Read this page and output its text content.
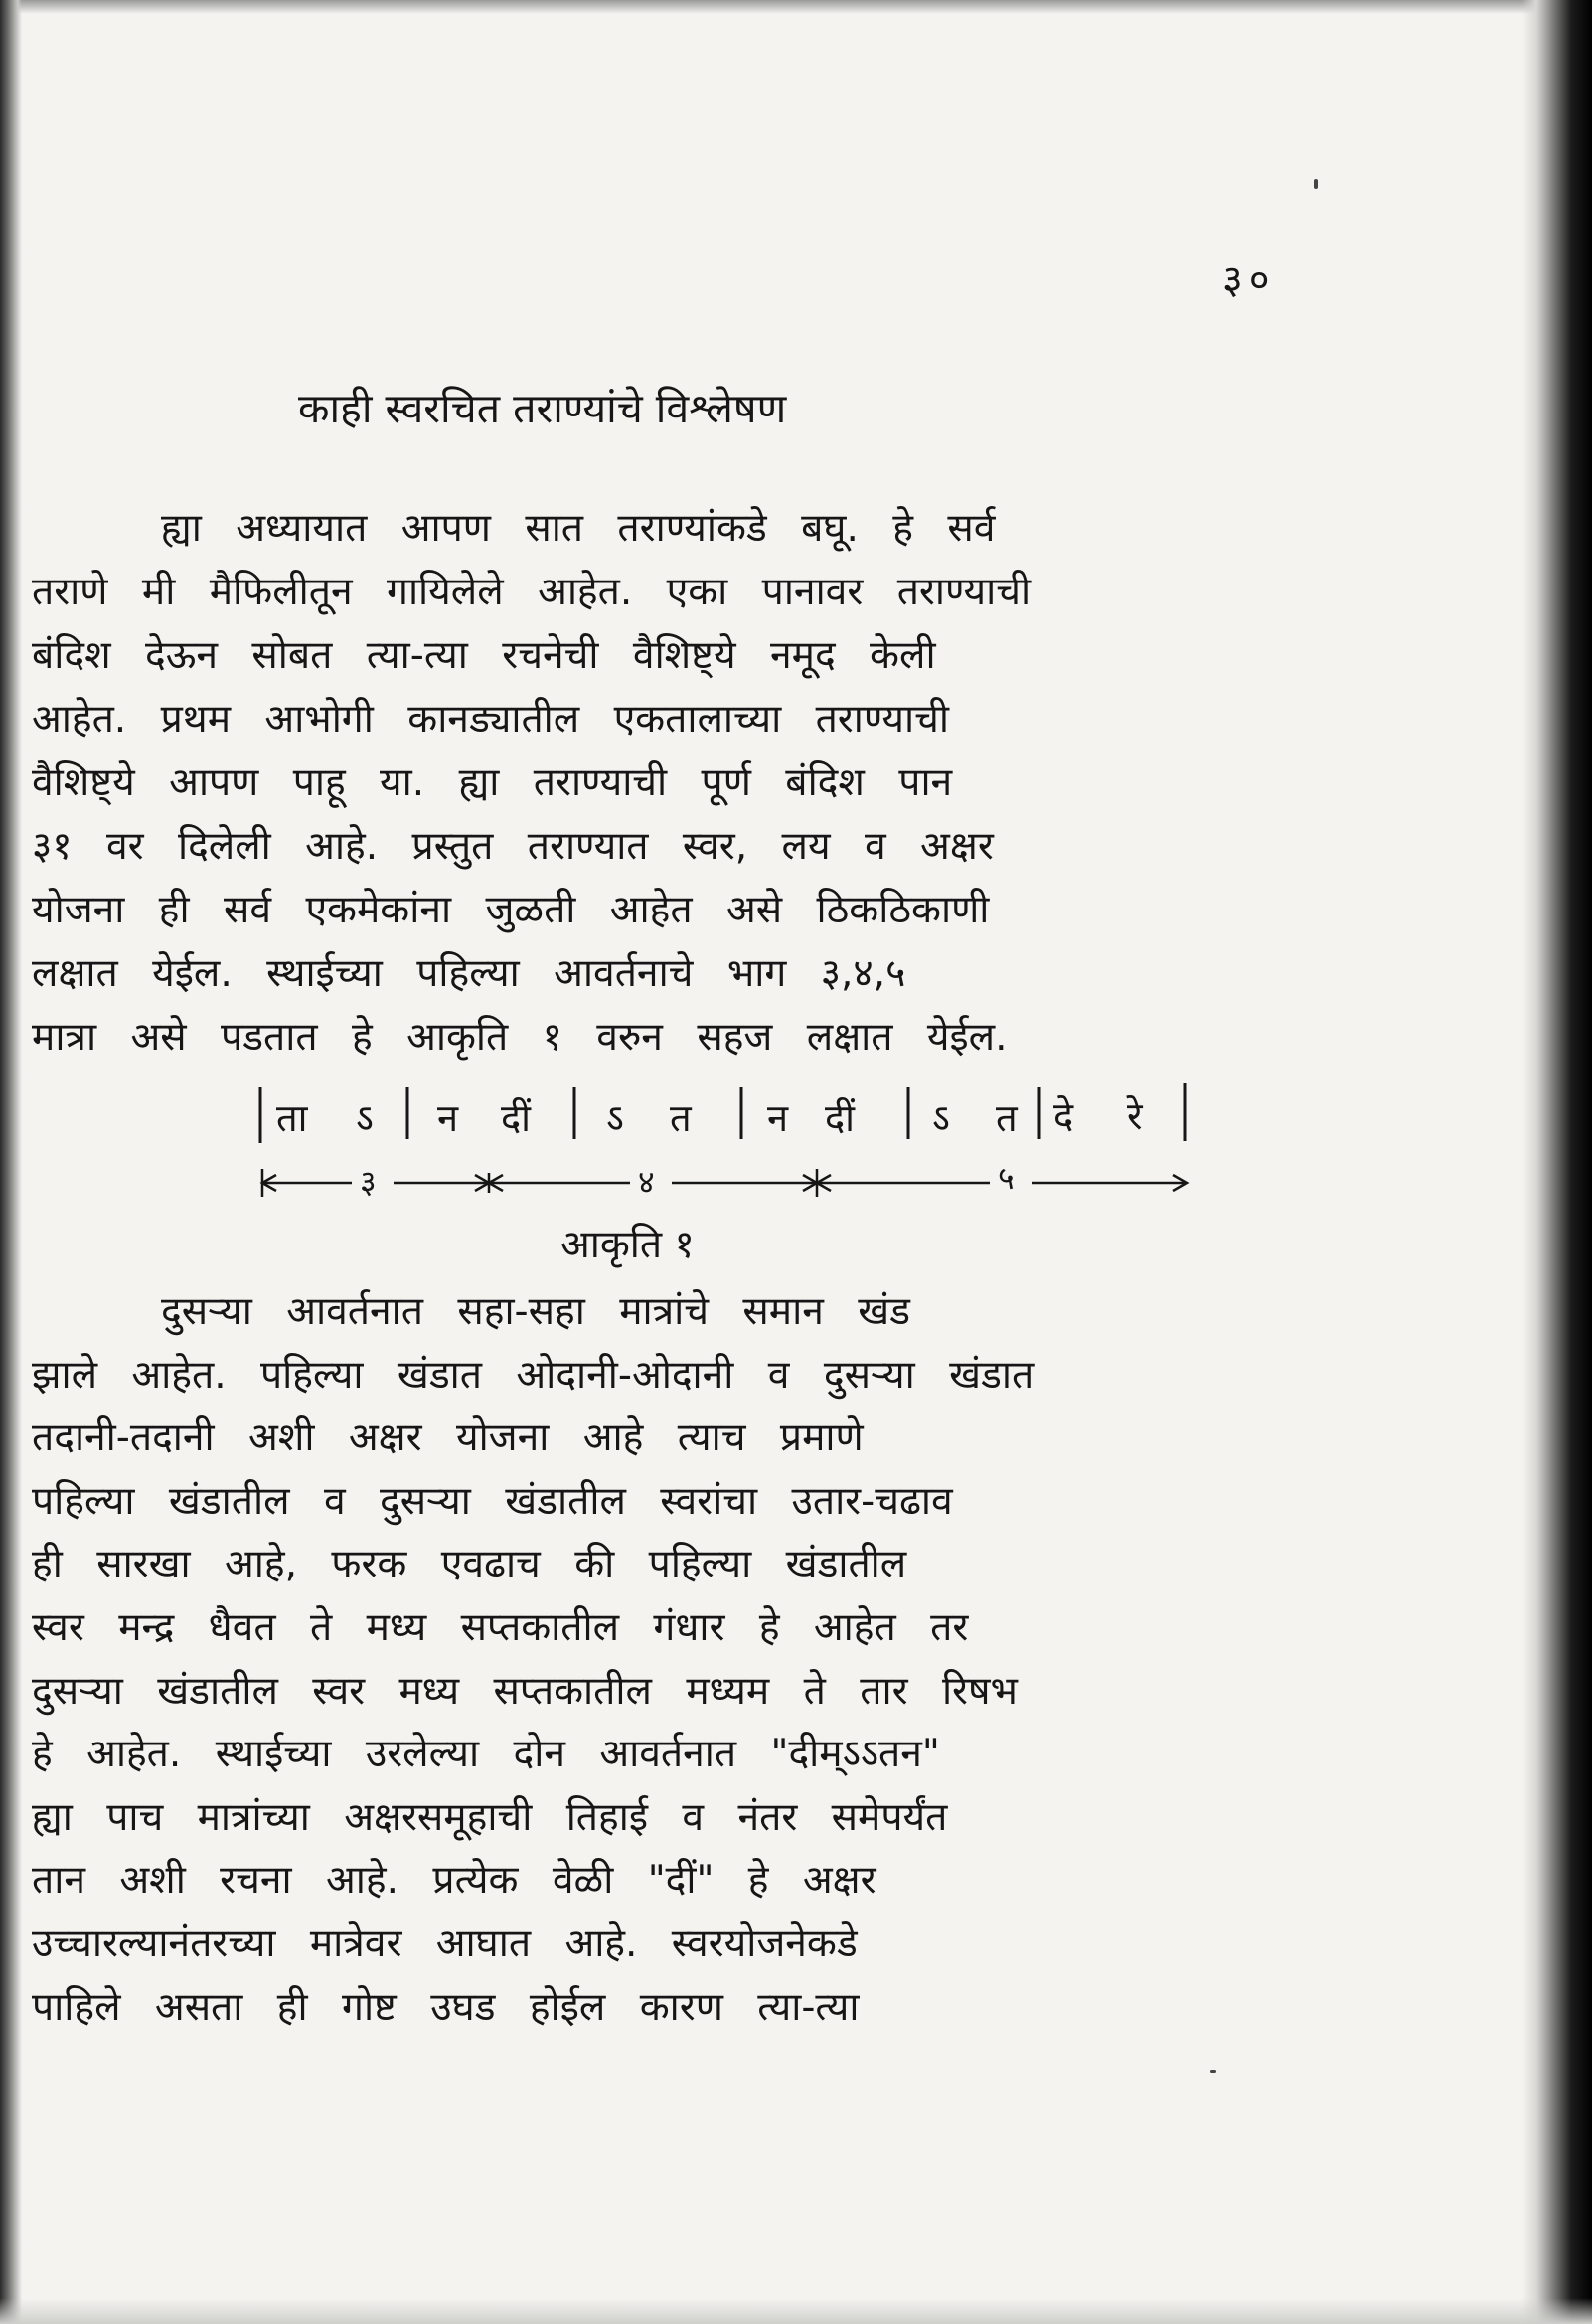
३०
काही स्वरचित तराण्यांचे विश्लेषण
ह्या अध्यायात आपण सात तराण्यांकडे बघू. हे सर्व
तराणे मी मैफिलीतून गायिलेले आहेत. एका पानावर तराण्याची
बंदिश देऊन सोबत त्या-त्या रचनेची वैशिष्ट्ये नमूद केली
आहेत. प्रथम आभोगी कानड्यातील एकतालाच्या तराण्याची
वैशिष्ट्ये आपण पाहू या. ह्या तराण्याची पूर्ण बंदिश पान
३१ वर दिलेली आहे. प्रस्तुत तराण्यात स्वर, लय व अक्षर
योजना ही सर्व एकमेकांना जुळती आहेत असे ठिकठिकाणी
लक्षात येईल. स्थाईच्या पहिल्या आवर्तनाचे भाग ३,४,५
मात्रा असे पडतात हे आकृति १ वरुन सहज लक्षात येईल.
ता ऽ न दीं ऽ त न दीं ऽ त दे रे
३	४	५
आकृति १
दुसऱ्या आवर्तनात सहा-सहा मात्रांचे समान खंड
झाले आहेत. पहिल्या खंडात ओदानी-ओदानी व दुसऱ्या खंडात
तदानी-तदानी अशी अक्षर योजना आहे त्याच प्रमाणे
पहिल्या खंडातील व दुसऱ्या खंडातील स्वरांचा उतार-चढाव
ही सारखा आहे, फरक एवढाच की पहिल्या खंडातील
स्वर मन्द्र धैवत ते मध्य सप्तकातील गंधार हे आहेत तर
दुसऱ्या खंडातील स्वर मध्य सप्तकातील मध्यम ते तार रिषभ
हे आहेत. स्थाईच्या उरलेल्या दोन आवर्तनात "दीम्ऽऽतन"
ह्या पाच मात्रांच्या अक्षरसमूहाची तिहाई व नंतर समेपर्यंत
तान अशी रचना आहे. प्रत्येक वेळी "दीं" हे अक्षर
उच्चारल्यानंतरच्या मात्रेवर आघात आहे. स्वरयोजनेकडे
पाहिले असता ही गोष्ट उघड होईल कारण त्या-त्या
